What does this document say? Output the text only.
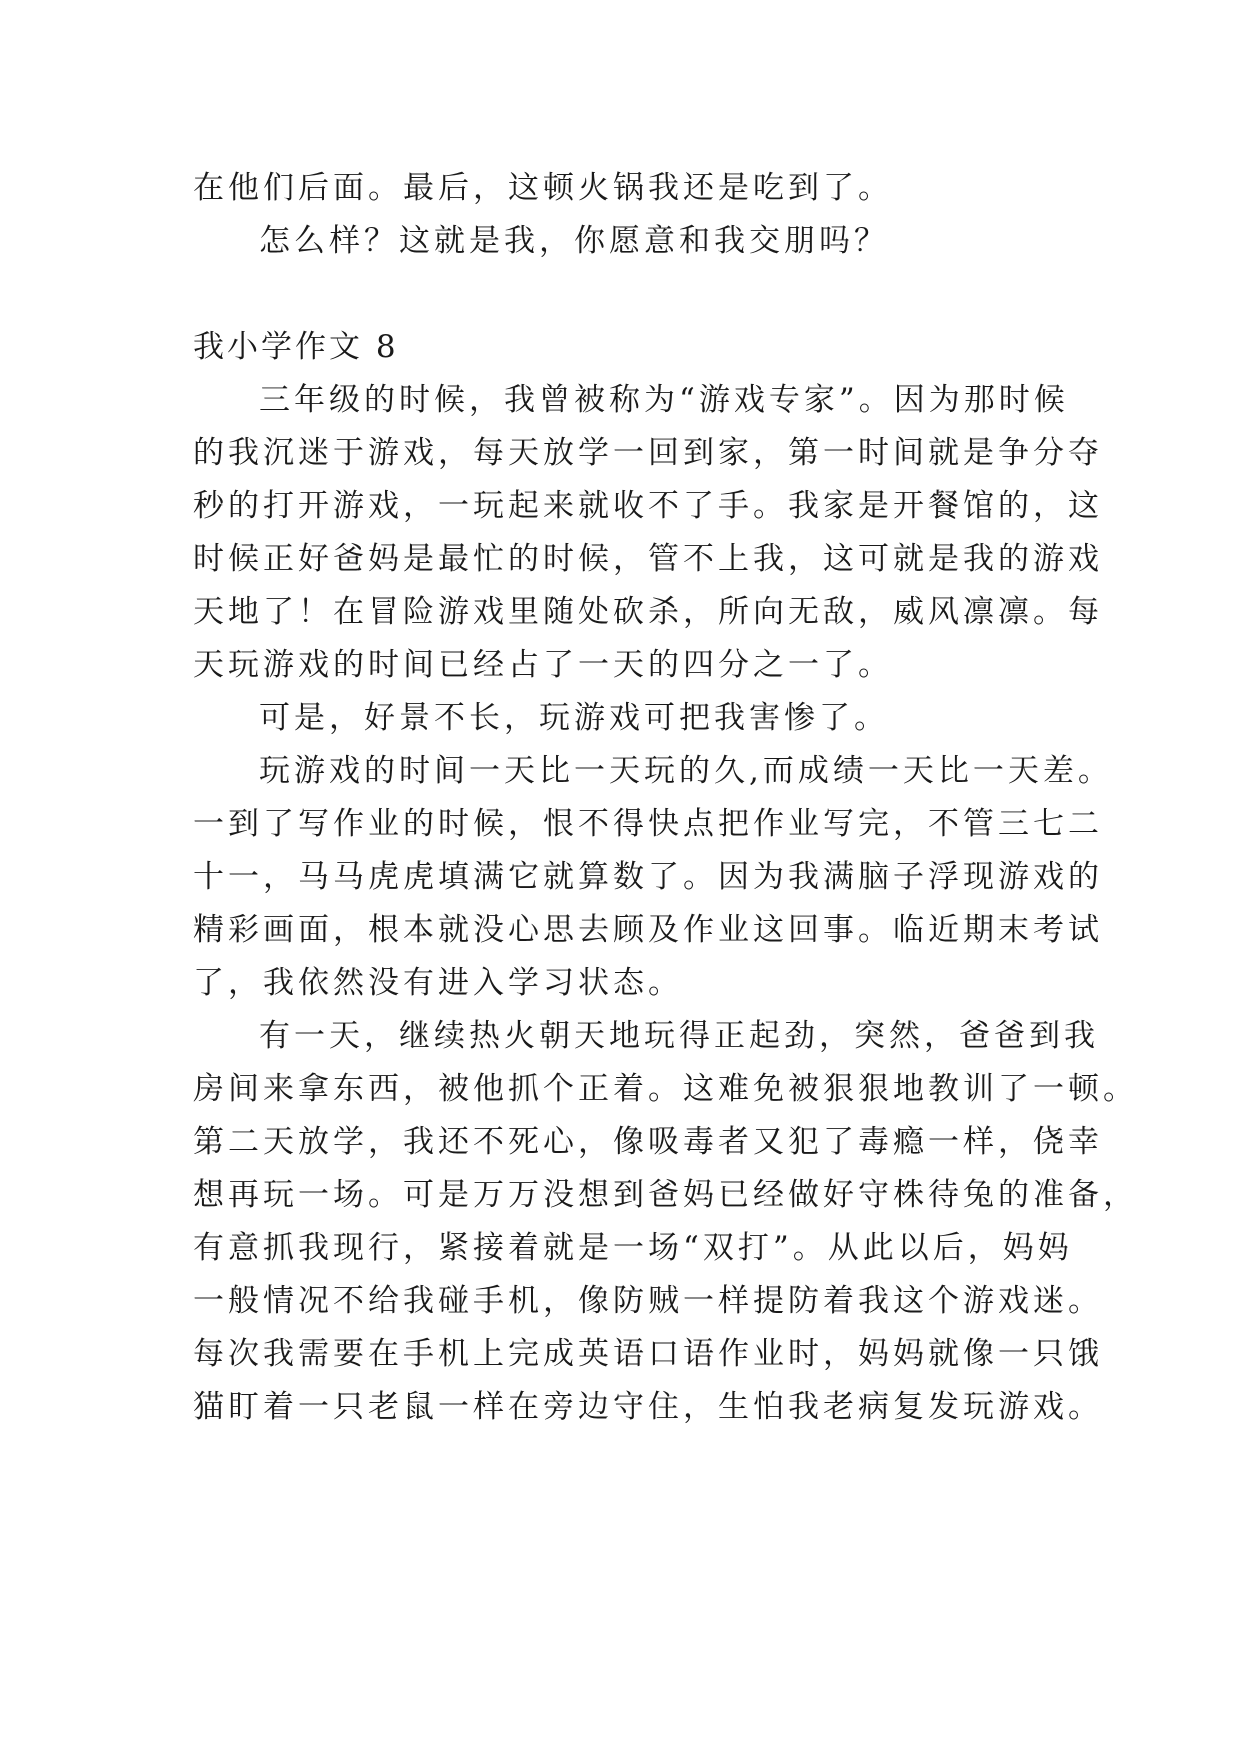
在他们后面。最后，这顿火锅我还是吃到了。
怎么样？这就是我，你愿意和我交朋吗？
我小学作文 8
三年级的时候，我曾被称为“游戏专家”。因为那时候
的我沉迷于游戏，每天放学一回到家，第一时间就是争分夺
秒的打开游戏，一玩起来就收不了手。我家是开餐馆的，这
时候正好爸妈是最忙的时候，管不上我，这可就是我的游戏
天地了！在冒险游戏里随处砍杀，所向无敌，威风凛凛。每
天玩游戏的时间已经占了一天的四分之一了。
可是，好景不长，玩游戏可把我害惨了。
玩游戏的时间一天比一天玩的久,而成绩一天比一天差。
一到了写作业的时候，恨不得快点把作业写完，不管三七二
十一，马马虎虎填满它就算数了。因为我满脑子浮现游戏的
精彩画面，根本就没心思去顾及作业这回事。临近期末考试
了，我依然没有进入学习状态。
有一天，继续热火朝天地玩得正起劲，突然，爸爸到我
房间来拿东西，被他抓个正着。这难免被狠狠地教训了一顿。
第二天放学，我还不死心，像吸毒者又犯了毒瘾一样，侥幸
想再玩一场。可是万万没想到爸妈已经做好守株待兔的准备，
有意抓我现行，紧接着就是一场“双打”。从此以后，妈妈
一般情况不给我碰手机，像防贼一样提防着我这个游戏迷。
每次我需要在手机上完成英语口语作业时，妈妈就像一只饿
猫盯着一只老鼠一样在旁边守住，生怕我老病复发玩游戏。
